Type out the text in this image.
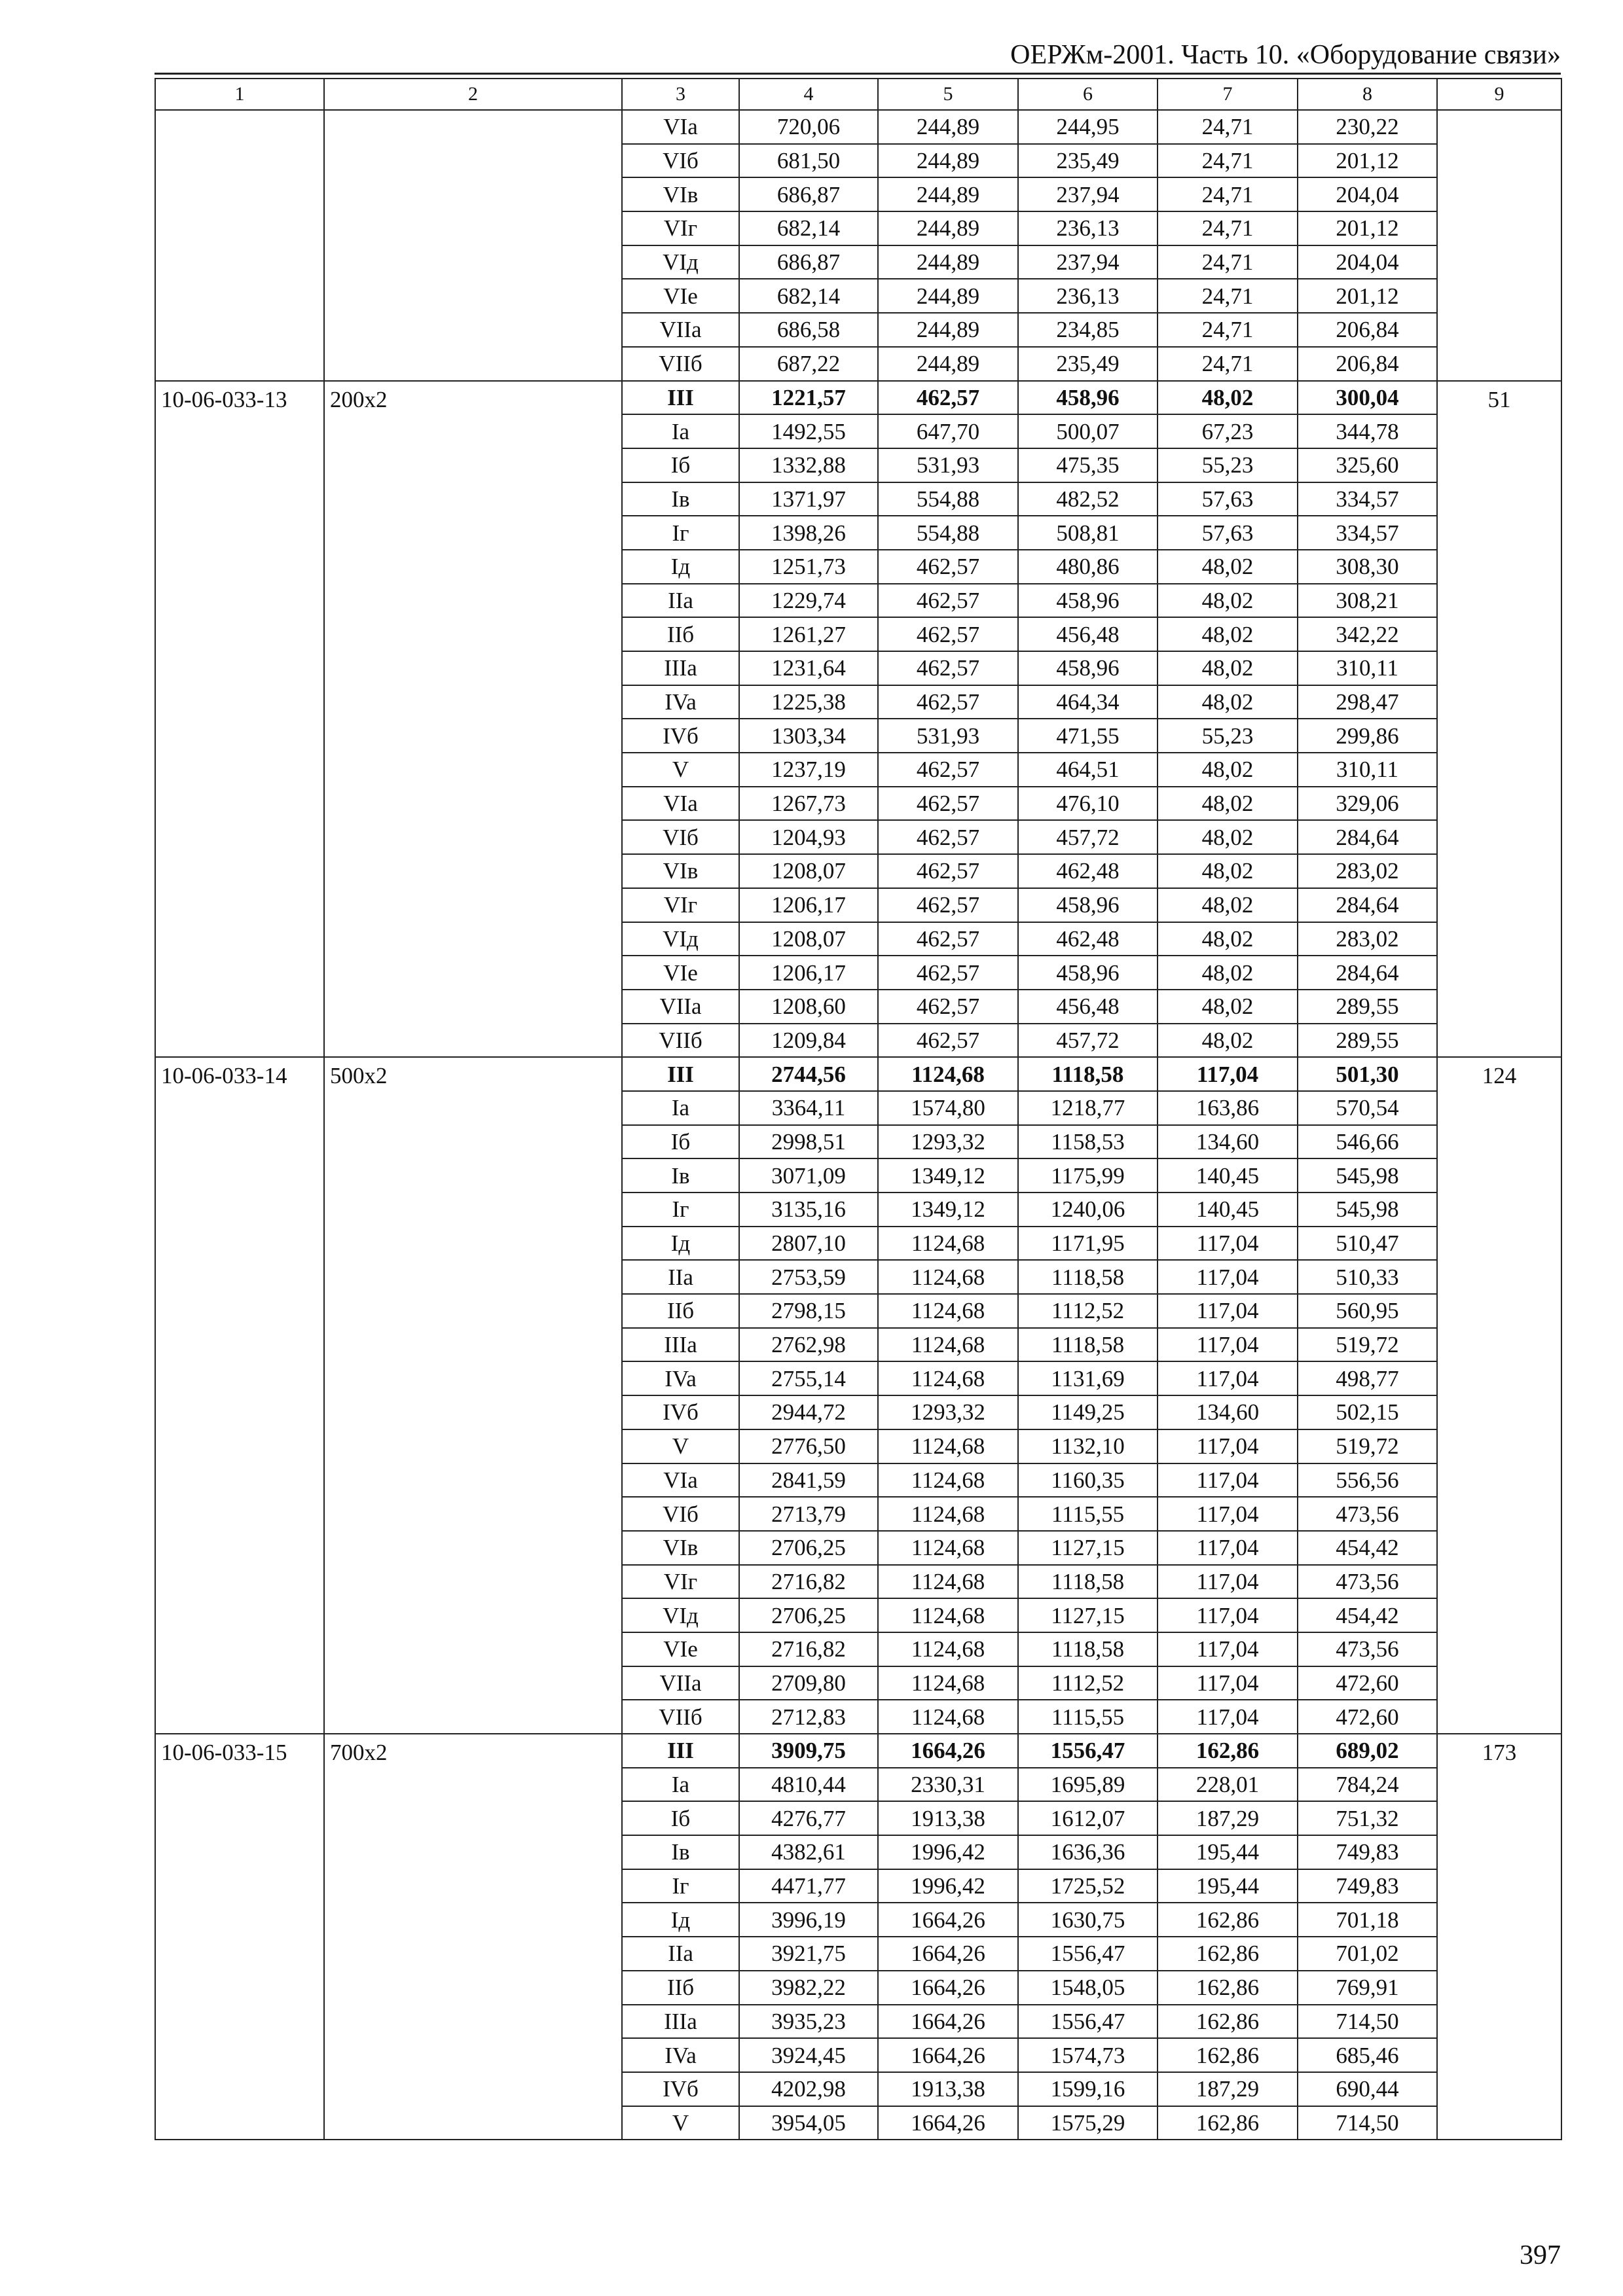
ОЕРЖм-2001. Часть 10. «Оборудование связи»
1	2	3	4	5	6	7	8	9
		VIa	720,06	244,89	244,95	24,71	230,22	
		VIб	681,50	244,89	235,49	24,71	201,12	
		VIв	686,87	244,89	237,94	24,71	204,04	
		VIг	682,14	244,89	236,13	24,71	201,12	
		VIд	686,87	244,89	237,94	24,71	204,04	
		VIe	682,14	244,89	236,13	24,71	201,12	
		VIIa	686,58	244,89	234,85	24,71	206,84	
		VIIб	687,22	244,89	235,49	24,71	206,84	
10-06-033-13	200x2	III	1221,57	462,57	458,96	48,02	300,04	51
		Ia	1492,55	647,70	500,07	67,23	344,78	
		Iб	1332,88	531,93	475,35	55,23	325,60	
		Iв	1371,97	554,88	482,52	57,63	334,57	
		Iг	1398,26	554,88	508,81	57,63	334,57	
		Iд	1251,73	462,57	480,86	48,02	308,30	
		IIa	1229,74	462,57	458,96	48,02	308,21	
		IIб	1261,27	462,57	456,48	48,02	342,22	
		IIIa	1231,64	462,57	458,96	48,02	310,11	
		IVa	1225,38	462,57	464,34	48,02	298,47	
		IVб	1303,34	531,93	471,55	55,23	299,86	
		V	1237,19	462,57	464,51	48,02	310,11	
		VIa	1267,73	462,57	476,10	48,02	329,06	
		VIб	1204,93	462,57	457,72	48,02	284,64	
		VIв	1208,07	462,57	462,48	48,02	283,02	
		VIг	1206,17	462,57	458,96	48,02	284,64	
		VIд	1208,07	462,57	462,48	48,02	283,02	
		VIe	1206,17	462,57	458,96	48,02	284,64	
		VIIa	1208,60	462,57	456,48	48,02	289,55	
		VIIб	1209,84	462,57	457,72	48,02	289,55	
10-06-033-14	500x2	III	2744,56	1124,68	1118,58	117,04	501,30	124
		Ia	3364,11	1574,80	1218,77	163,86	570,54	
		Iб	2998,51	1293,32	1158,53	134,60	546,66	
		Iв	3071,09	1349,12	1175,99	140,45	545,98	
		Iг	3135,16	1349,12	1240,06	140,45	545,98	
		Iд	2807,10	1124,68	1171,95	117,04	510,47	
		IIa	2753,59	1124,68	1118,58	117,04	510,33	
		IIб	2798,15	1124,68	1112,52	117,04	560,95	
		IIIa	2762,98	1124,68	1118,58	117,04	519,72	
		IVa	2755,14	1124,68	1131,69	117,04	498,77	
		IVб	2944,72	1293,32	1149,25	134,60	502,15	
		V	2776,50	1124,68	1132,10	117,04	519,72	
		VIa	2841,59	1124,68	1160,35	117,04	556,56	
		VIб	2713,79	1124,68	1115,55	117,04	473,56	
		VIв	2706,25	1124,68	1127,15	117,04	454,42	
		VIг	2716,82	1124,68	1118,58	117,04	473,56	
		VIд	2706,25	1124,68	1127,15	117,04	454,42	
		VIe	2716,82	1124,68	1118,58	117,04	473,56	
		VIIa	2709,80	1124,68	1112,52	117,04	472,60	
		VIIб	2712,83	1124,68	1115,55	117,04	472,60	
10-06-033-15	700x2	III	3909,75	1664,26	1556,47	162,86	689,02	173
		Ia	4810,44	2330,31	1695,89	228,01	784,24	
		Iб	4276,77	1913,38	1612,07	187,29	751,32	
		Iв	4382,61	1996,42	1636,36	195,44	749,83	
		Iг	4471,77	1996,42	1725,52	195,44	749,83	
		Iд	3996,19	1664,26	1630,75	162,86	701,18	
		IIa	3921,75	1664,26	1556,47	162,86	701,02	
		IIб	3982,22	1664,26	1548,05	162,86	769,91	
		IIIa	3935,23	1664,26	1556,47	162,86	714,50	
		IVa	3924,45	1664,26	1574,73	162,86	685,46	
		IVб	4202,98	1913,38	1599,16	187,29	690,44	
		V	3954,05	1664,26	1575,29	162,86	714,50	
397
